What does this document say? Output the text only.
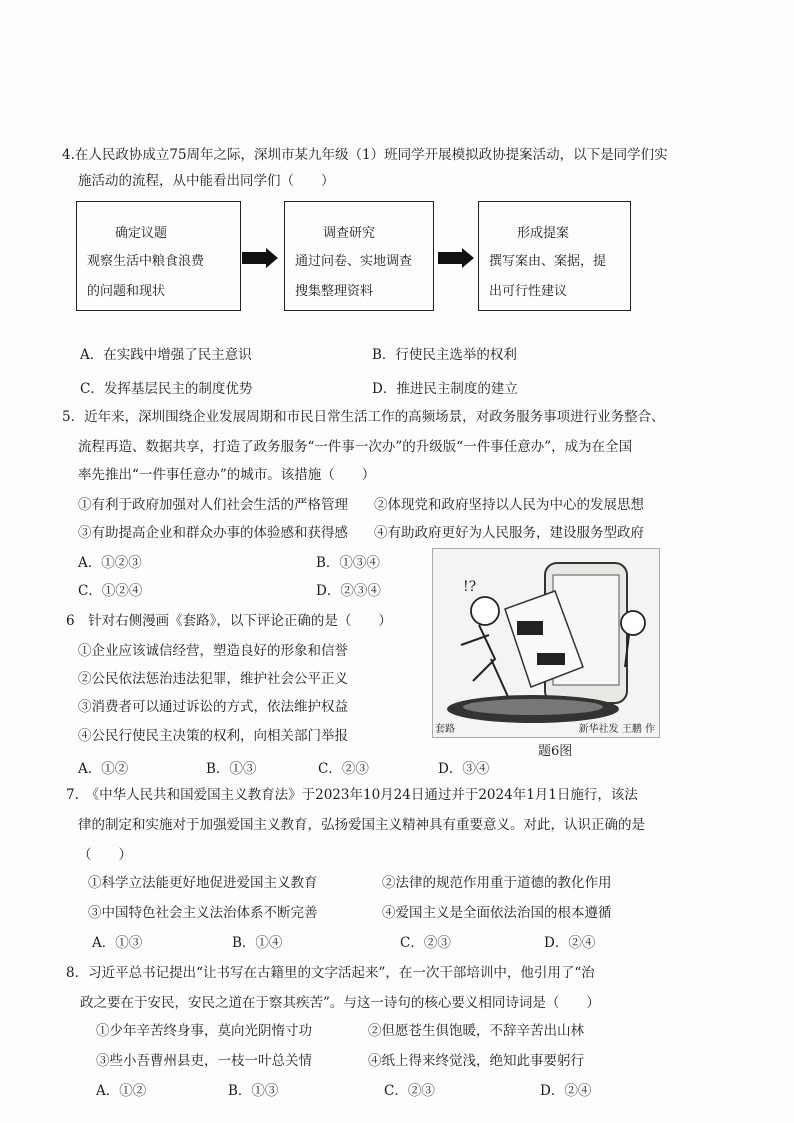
4.在人民政协成立75周年之际，深圳市某九年级（1）班同学开展模拟政协提案活动，以下是同学们实
施活动的流程，从中能看出同学们（　　）
确定议题
观察生活中粮食浪费
的问题和现状
调查研究
通过问卷、实地调查
搜集整理资料
形成提案
撰写案由、案据，提
出可行性建议
A．在实践中增强了民主意识	B．行使民主选举的权利
C．发挥基层民主的制度优势	D．推进民主制度的建立
5．近年来，深圳围绕企业发展周期和市民日常生活工作的高频场景，对政务服务事项进行业务整合、
流程再造、数据共享，打造了政务服务“一件事一次办”的升级版“一件事任意办”，成为在全国
率先推出“一件事任意办”的城市。该措施（　　）
①有利于政府加强对人们社会生活的严格管理 ②体现党和政府坚持以人民为中心的发展思想
③有助提高企业和群众办事的体验感和获得感 ④有助政府更好为人民服务，建设服务型政府
A．①②③	B．①③④
C．①②④	D．②③④
6　针对右侧漫画《套路》，以下评论正确的是（　　）
①企业应该诚信经营，塑造良好的形象和信誉
②公民依法惩治违法犯罪，维护社会公平正义
③消费者可以通过诉讼的方式，依法维护权益
④公民行使民主决策的权利，向相关部门举报
A．①②	B．①③	C．②③	D．③④
!?
套路	新华社发 王鹏 作
题6图
7.　《中华人民共和国爱国主义教育法》于2023年10月24日通过并于2024年1月1日施行，该法
律的制定和实施对于加强爱国主义教育，弘扬爱国主义精神具有重要意义。对此，认识正确的是
（　　）
①科学立法能更好地促进爱国主义教育	②法律的规范作用重于道德的教化作用
③中国特色社会主义法治体系不断完善	④爱国主义是全面依法治国的根本遵循
A．①③	B．①④	C．②③	D．②④
8．习近平总书记提出“让书写在古籍里的文字活起来”，在一次干部培训中，他引用了“治
政之要在于安民，安民之道在于察其疾苦”。与这一诗句的核心要义相同诗词是（　　）
①少年辛苦终身事，莫向光阴惰寸功	②但愿苍生俱饱暖，不辞辛苦出山林
③些小吾曹州县吏，一枝一叶总关情	④纸上得来终觉浅，绝知此事要躬行
A．①②	B．①③	C．②③	D．②④
